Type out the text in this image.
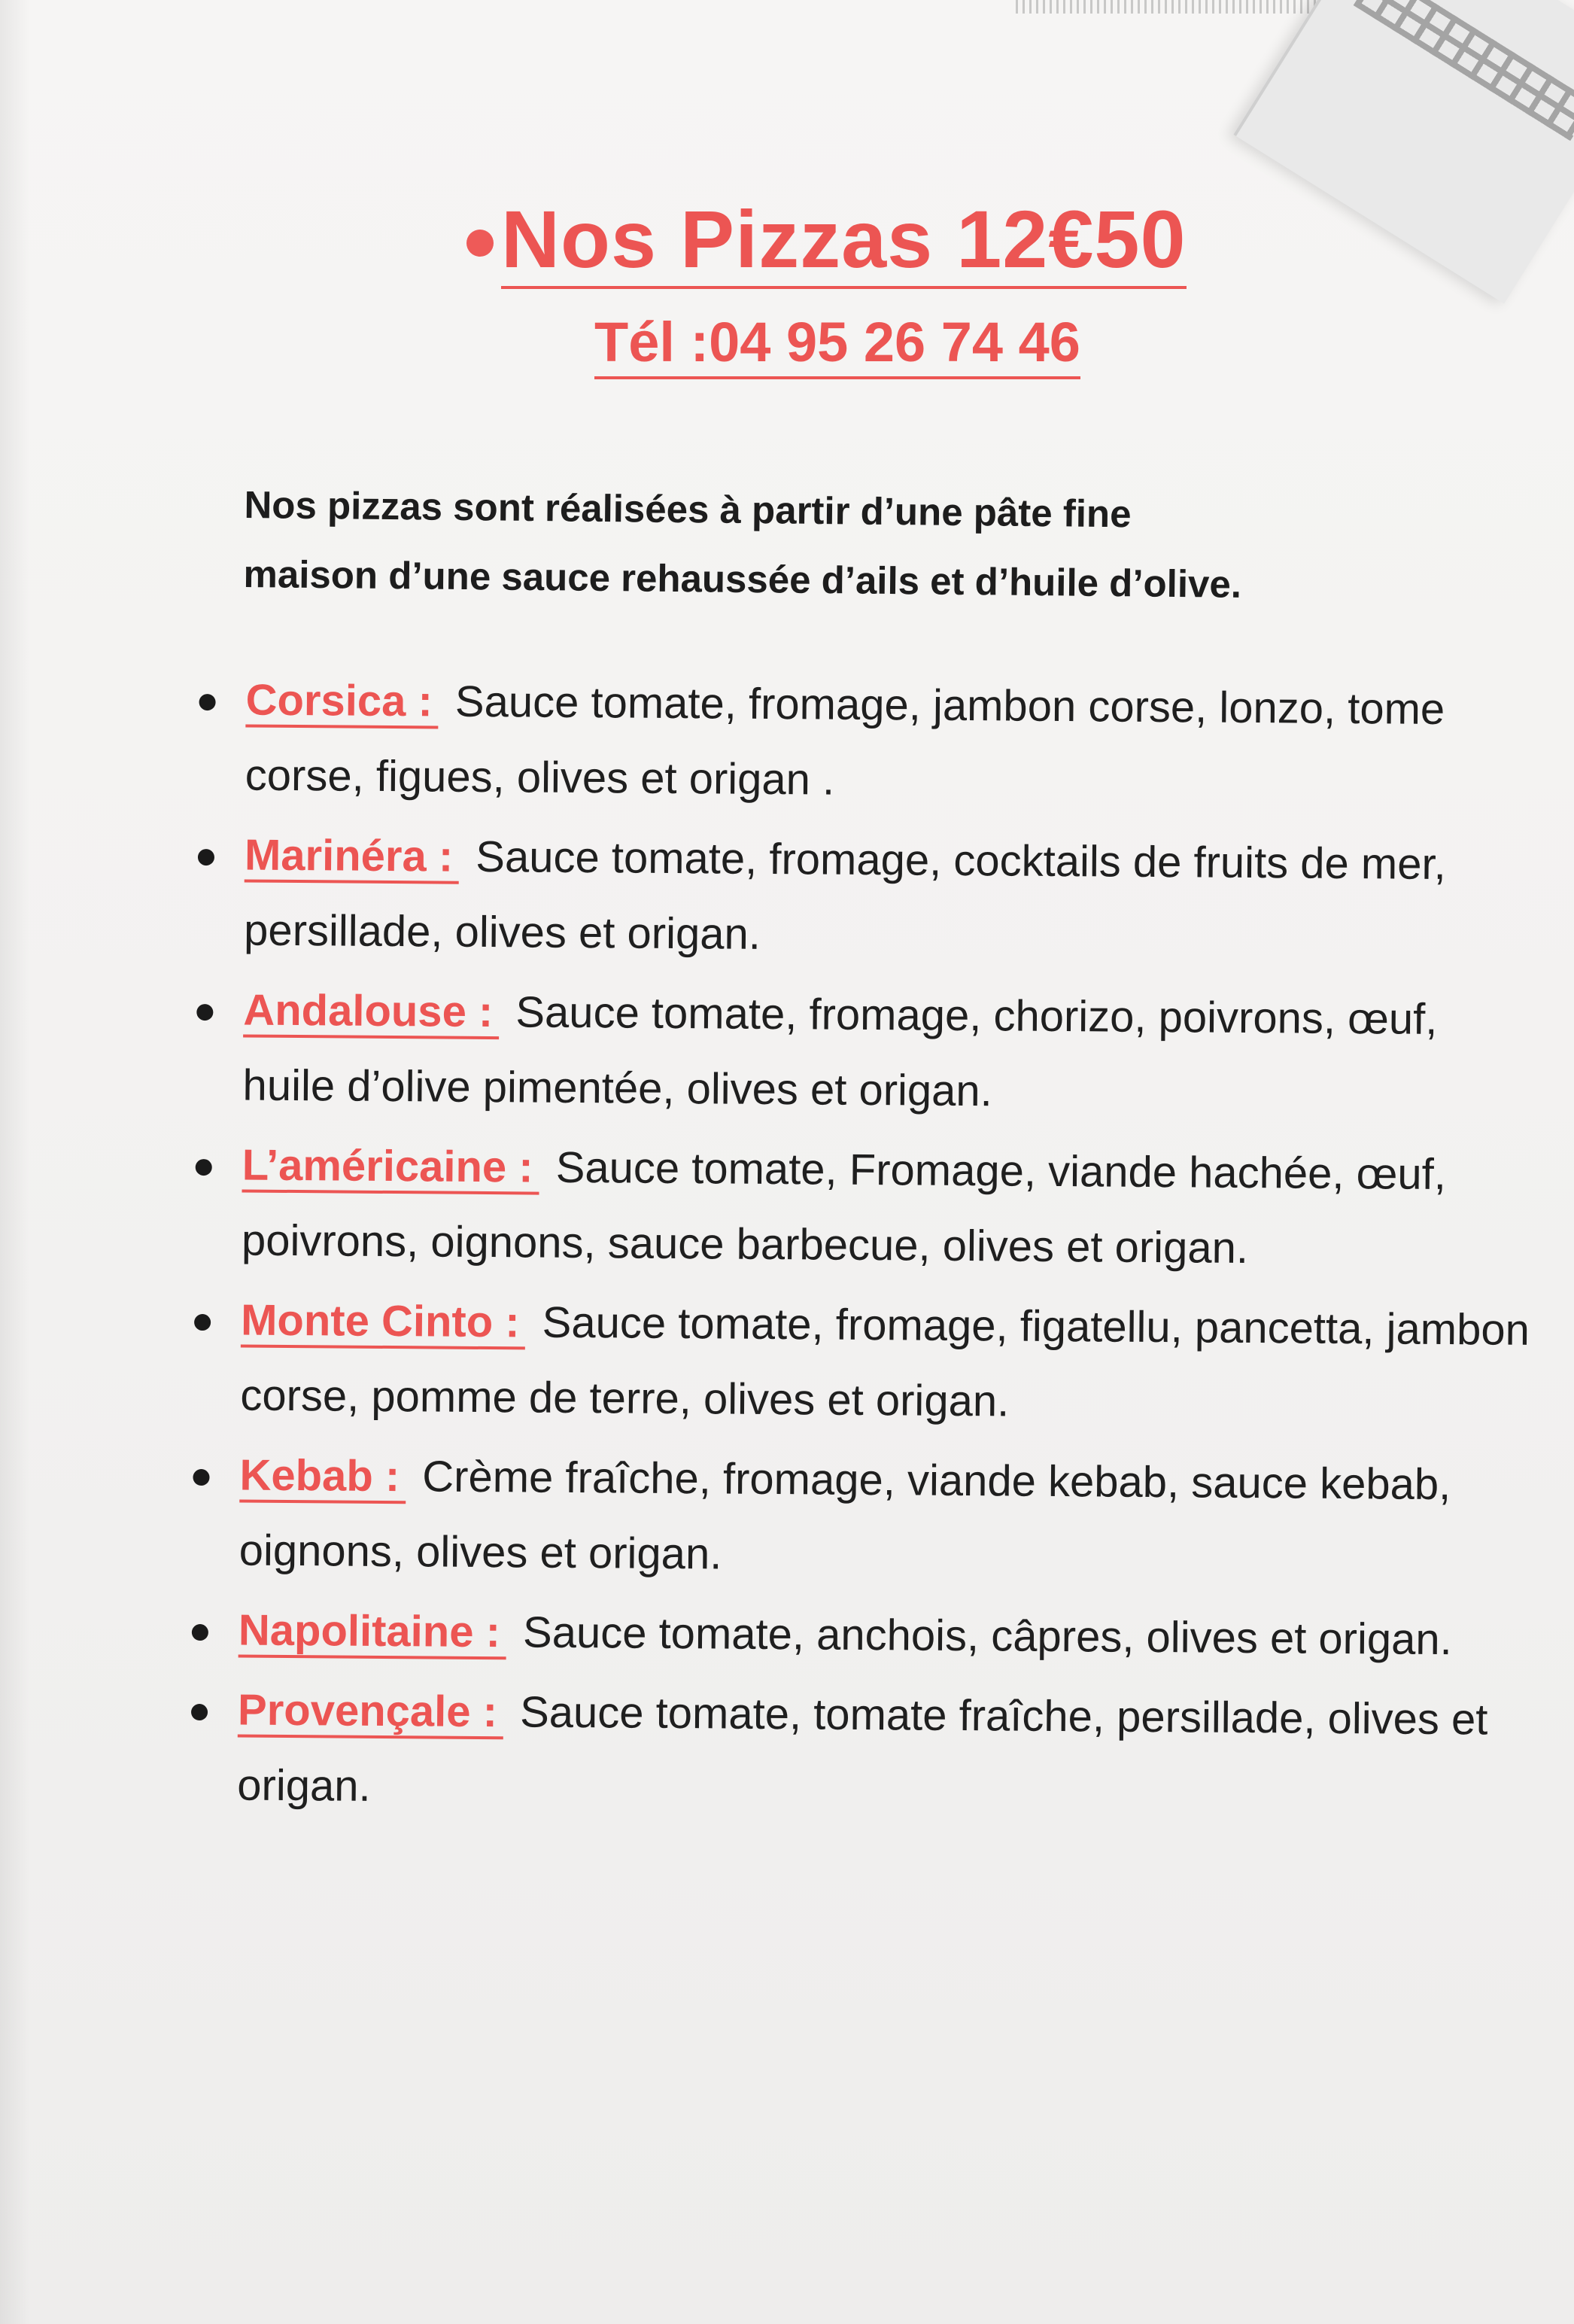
Nos Pizzas 12€50
Tél :04 95 26 74 46
Nos pizzas sont réalisées à partir d’une pâte fine
maison d’une sauce rehaussée d’ails et d’huile d’olive.
Corsica : Sauce tomate, fromage, jambon corse, lonzo, tome corse, figues, olives et origan .
Marinéra : Sauce tomate, fromage, cocktails de fruits de mer, persillade, olives et origan.
Andalouse : Sauce tomate, fromage, chorizo, poivrons, œuf, huile d’olive pimentée, olives et origan.
L’américaine : Sauce tomate, Fromage, viande hachée, œuf, poivrons, oignons, sauce barbecue, olives et origan.
Monte Cinto : Sauce tomate, fromage, figatellu, pancetta, jambon corse, pomme de terre, olives et origan.
Kebab : Crème fraîche, fromage, viande kebab, sauce kebab, oignons, olives et origan.
Napolitaine : Sauce tomate, anchois, câpres, olives et origan.
Provençale : Sauce tomate, tomate fraîche, persillade, olives et origan.
